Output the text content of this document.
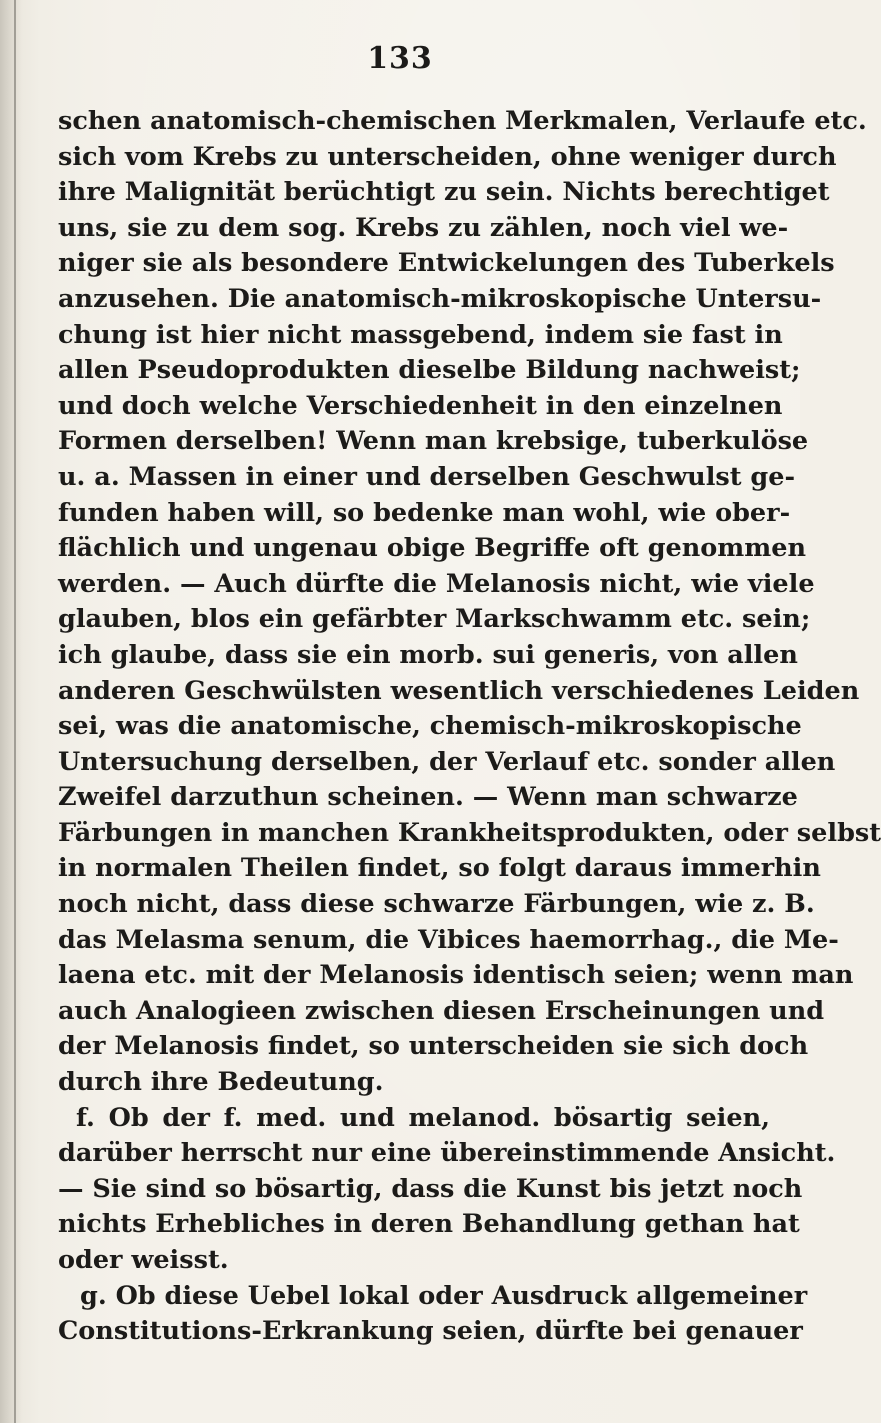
133
schen anatomisch-chemischen Merkmalen, Verlaufe etc.
sich vom Krebs zu unterscheiden, ohne weniger durch
ihre Malignität berüchtigt zu sein. Nichts berechtiget
uns, sie zu dem sog. Krebs zu zählen, noch viel we-
niger sie als besondere Entwickelungen des Tuberkels
anzusehen. Die anatomisch-mikroskopische Untersu-
chung ist hier nicht massgebend, indem sie fast in
allen Pseudoprodukten dieselbe Bildung nachweist;
und doch welche Verschiedenheit in den einzelnen
Formen derselben! Wenn man krebsige, tuberkulöse
u. a. Massen in einer und derselben Geschwulst ge-
funden haben will, so bedenke man wohl, wie ober-
flächlich und ungenau obige Begriffe oft genommen
werden. — Auch dürfte die Melanosis nicht, wie viele
glauben, blos ein gefärbter Markschwamm etc. sein;
ich glaube, dass sie ein morb. sui generis, von allen
anderen Geschwülsten wesentlich verschiedenes Leiden
sei, was die anatomische, chemisch-mikroskopische
Untersuchung derselben, der Verlauf etc. sonder allen
Zweifel darzuthun scheinen. — Wenn man schwarze
Färbungen in manchen Krankheitsprodukten, oder selbst
in normalen Theilen findet, so folgt daraus immerhin
noch nicht, dass diese schwarze Färbungen, wie z. B.
das Melasma senum, die Vibices haemorrhag., die Me-
laena etc. mit der Melanosis identisch seien; wenn man
auch Analogieen zwischen diesen Erscheinungen und
der Melanosis findet, so unterscheiden sie sich doch
durch ihre Bedeutung.
f. Ob der f. med. und melanod. bösartig seien,
darüber herrscht nur eine übereinstimmende Ansicht.
— Sie sind so bösartig, dass die Kunst bis jetzt noch
nichts Erhebliches in deren Behandlung gethan hat
oder weisst.
g. Ob diese Uebel lokal oder Ausdruck allgemeiner
Constitutions-Erkrankung seien, dürfte bei genauer
